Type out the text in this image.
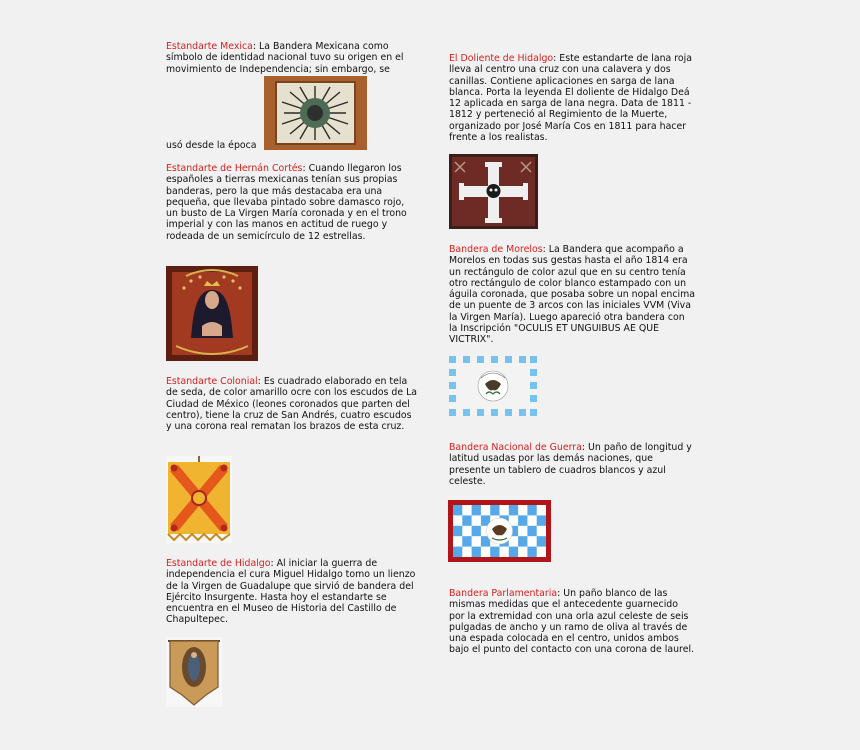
Estandarte Mexica: La Bandera Mexicana como símbolo de identidad nacional tuvo su origen en el movimiento de Independencia; sin embargo, se
usó desde la época
Estandarte de Hernán Cortés: Cuando llegaron los españoles a tierras mexicanas tenían sus propias banderas, pero la que más destacaba era una pequeña, que llevaba pintado sobre damasco rojo, un busto de La Virgen María coronada y en el trono imperial y con las manos en actitud de ruego y rodeada de un semicírculo de 12 estrellas.
Estandarte Colonial: Es cuadrado elaborado en tela de seda, de color amarillo ocre con los escudos de La Ciudad de México (leones coronados que parten del centro), tiene la cruz de San Andrés, cuatro escudos y una corona real rematan los brazos de esta cruz.
Estandarte de Hidalgo: Al iniciar la guerra de independencia el cura Miguel Hidalgo tomo un lienzo de la Virgen de Guadalupe que sirvió de bandera del Ejército Insurgente. Hasta hoy el estandarte se encuentra en el Museo de Historia del Castillo de Chapultepec.
El Doliente de Hidalgo: Este estandarte de lana roja lleva al centro una cruz con una calavera y dos canillas. Contiene aplicaciones en sarga de lana blanca. Porta la leyenda El doliente de Hidalgo Deá 12 aplicada en sarga de lana negra. Data de 1811 - 1812 y perteneció al Regimiento de la Muerte, organizado por José María Cos en 1811 para hacer frente a los realistas.
Bandera de Morelos: La Bandera que acompaño a Morelos en todas sus gestas hasta el año 1814 era un rectángulo de color azul que en su centro tenía otro rectángulo de color blanco estampado con un águila coronada, que posaba sobre un nopal encima de un puente de 3 arcos con las iniciales VVM (Viva la Virgen María). Luego apareció otra bandera con la Inscripción "OCULIS ET UNGUIBUS AE QUE VICTRIX".
Bandera Nacional de Guerra: Un paño de longitud y latitud usadas por las demás naciones, que presente un tablero de cuadros blancos y azul celeste.
Bandera Parlamentaria: Un paño blanco de las mismas medidas que el antecedente guarnecido por la extremidad con una orla azul celeste de seis pulgadas de ancho y un ramo de oliva al través de una espada colocada en el centro, unidos ambos bajo el punto del contacto con una corona de laurel.
